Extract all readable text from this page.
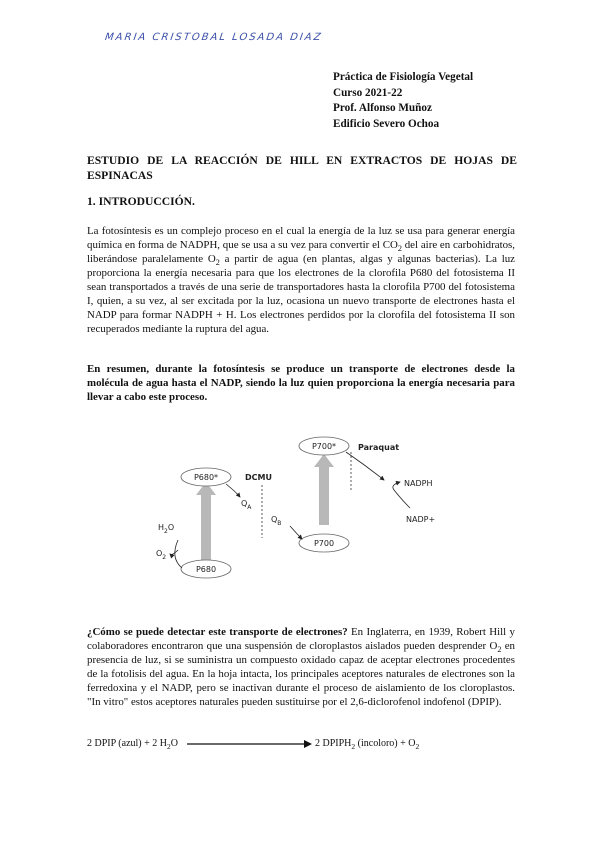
MARIA CRISTOBAL LOSADA DIAZ
Práctica de Fisiología Vegetal
Curso 2021-22
Prof. Alfonso Muñoz
Edificio Severo Ochoa
ESTUDIO DE LA REACCIÓN DE HILL EN EXTRACTOS DE HOJAS DE ESPINACAS
1. INTRODUCCIÓN.
La fotosíntesis es un complejo proceso en el cual la energía de la luz se usa para generar energía química en forma de NADPH, que se usa a su vez para convertir el $CO_2$ del aire en carbohidratos, liberándose paralelamente $O_2$ a partir de agua (en plantas, algas y algunas bacterias). La luz proporciona la energía necesaria para que los electrones de la clorofila P680 del fotosistema II sean transportados a través de una serie de transportadores hasta la clorofila P700 del fotosistema I, quien, a su vez, al ser excitada por la luz, ocasiona un nuevo transporte de electrones hasta el NADP para formar NADPH + H. Los electrones perdidos por la clorofila del fotosistema II son recuperados mediante la ruptura del agua.
En resumen, durante la fotosíntesis se produce un transporte de electrones desde la molécula de agua hasta el NADP, siendo la luz quien proporciona la energía necesaria para llevar a cabo este proceso.
P680*
P680
P700*
P700
DCMU
Paraquat
$Q_A$
$Q_B$
NADPH
NADP+
$H_2O$
$O_2$
¿Cómo se puede detectar este transporte de electrones? En Inglaterra, en 1939, Robert Hill y colaboradores encontraron que una suspensión de cloroplastos aislados pueden desprender $O_2$ en presencia de luz, si se suministra un compuesto oxidado capaz de aceptar electrones procedentes de la fotolisis del agua. En la hoja intacta, los principales aceptores naturales de electrones son la ferredoxina y el NADP, pero se inactivan durante el proceso de aislamiento de los cloroplastos. "In vitro" estos aceptores naturales pueden sustituirse por el 2,6-diclorofenol indofenol (DPIP).
2 DPIP (azul) + 2 $H_2O$	2 $DPIPH_2$ (incoloro) + $O_2$
